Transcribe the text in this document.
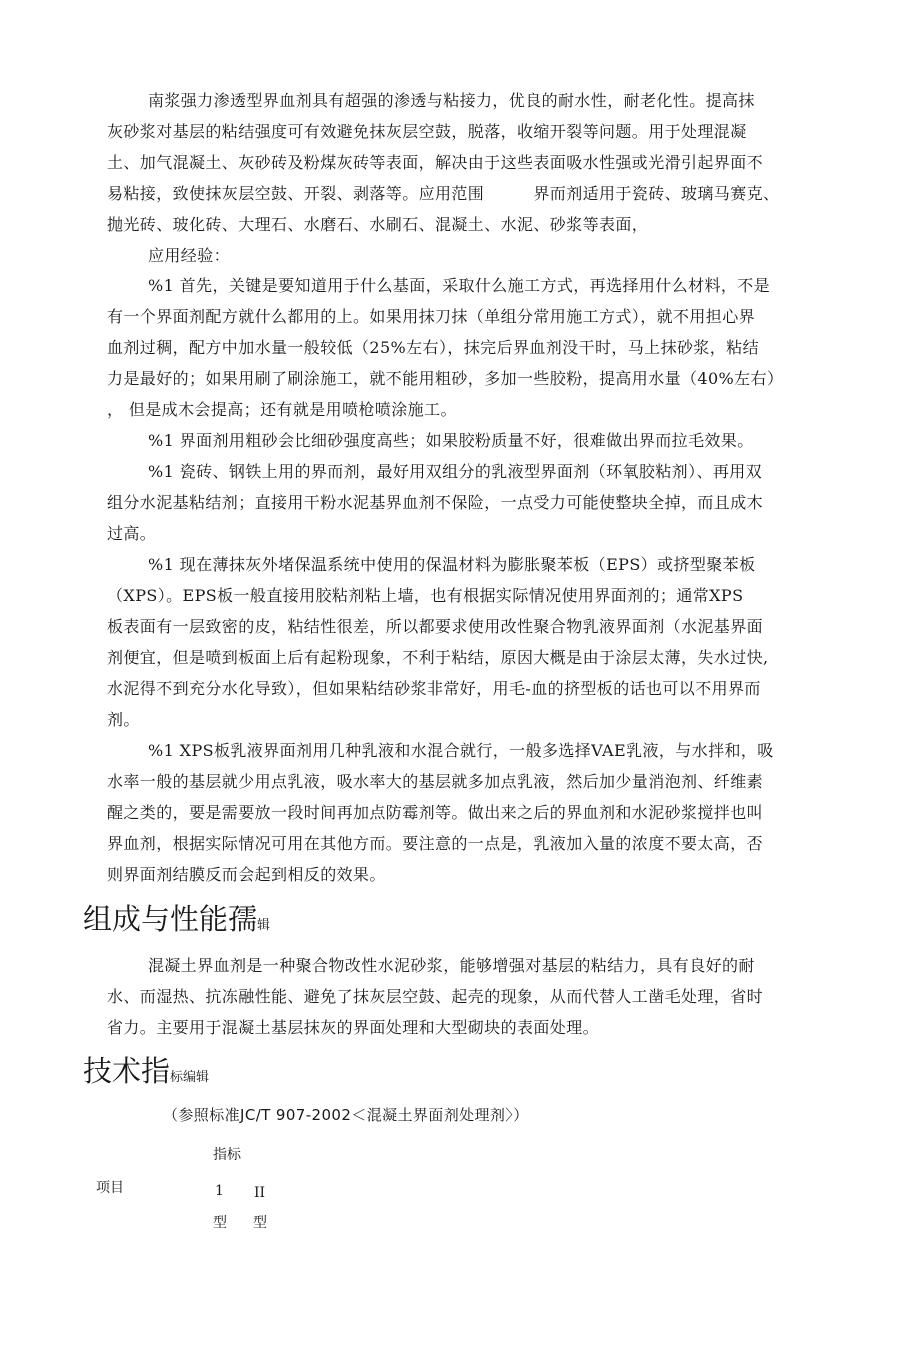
南浆强力渗透型界血剂具有超强的渗透与粘接力，优良的耐水性，耐老化性。提高抹
灰砂浆对基层的粘结强度可有效避免抹灰层空鼓，脱落，收缩开裂等问题。用于处理混凝
土、加气混凝土、灰砂砖及粉煤灰砖等表面，解决由于这些表面吸水性强或光滑引起界面不
易粘接，致使抹灰层空鼓、开裂、剥落等。应用范围　　　界而剂适用于瓷砖、玻璃马赛克、
抛光砖、玻化砖、大理石、水磨石、水刷石、混凝土、水泥、砂浆等表面，
应用经验：
%1 首先，关键是要知道用于什么基面，采取什么施工方式，再选择用什么材料，不是
有一个界面剂配方就什么都用的上。如果用抹刀抹（单组分常用施工方式），就不用担心界
血剂过稠，配方中加水量一般较低（25%左右），抹完后界血剂没干时，马上抹砂浆，粘结
力是最好的；如果用刷了刷涂施工，就不能用粗砂，多加一些胶粉，提高用水量（40%左右）
， 但是成木会提高；还有就是用喷枪喷涂施工。
%1 界面剂用粗砂会比细砂强度高些；如果胶粉质量不好，很难做出界而拉毛效果。
%1 瓷砖、钢铁上用的界而剂，最好用双组分的乳液型界面剂（环氧胶粘剂）、再用双
组分水泥基粘结剂；直接用干粉水泥基界血剂不保险，一点受力可能使整块全掉，而且成木
过高。
%1 现在薄抹灰外堵保温系统中使用的保温材料为膨胀聚苯板（EPS）或挤型聚苯板
（XPS）。EPS板一般直接用胶粘剂粘上墙，也有根据实际情况使用界面剂的；通常XPS
板表面有一层致密的皮，粘结性很差，所以都要求使用改性聚合物乳液界面剂（水泥基界面
剂便宜，但是喷到板面上后有起粉现象，不利于粘结，原因大概是由于涂层太薄，失水过快,
水泥得不到充分水化导致），但如果粘结砂浆非常好，用毛-血的挤型板的话也可以不用界而
剂。
%1 XPS板乳液界面剂用几种乳液和水混合就行，一般多选择VAE乳液，与水拌和，吸
水率一般的基层就少用点乳液，吸水率大的基层就多加点乳液，然后加少量消泡剂、纤维素
醒之类的，要是需要放一段时间再加点防霉剂等。做出来之后的界血剂和水泥砂浆搅拌也叫
界血剂，根据实际情况可用在其他方而。要注意的一点是，乳液加入量的浓度不要太高，否
则界面剂结膜反而会起到相反的效果。
组成与性能孺辑
混凝土界血剂是一种聚合物改性水泥砂浆，能够增强对基层的粘结力，具有良好的耐
水、而湿热、抗冻融性能、避免了抹灰层空鼓、起壳的现象，从而代替人工凿毛处理，省时
省力。主要用于混凝土基层抹灰的界面处理和大型砌块的表面处理。
技术指标编辑
（参照标准JC/T 907-2002＜混凝土界面剂处理剂〉）
指标
项目	1 II
型 型
